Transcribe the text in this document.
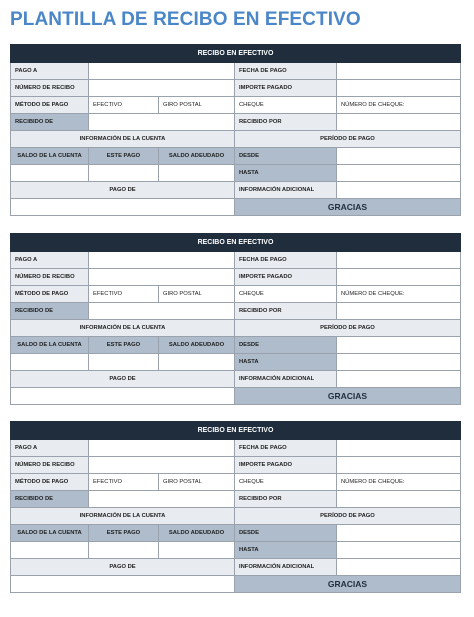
PLANTILLA DE RECIBO EN EFECTIVO
RECIBO EN EFECTIVO				
PAGO A			FECHA DE PAGO	
NÚMERO DE RECIBO			IMPORTE PAGADO	
MÉTODO DE PAGO	EFECTIVO	GIRO POSTAL	CHEQUE	NÚMERO DE CHEQUE:
RECIBIDO DE			RECIBIDO POR	
INFORMACIÓN DE LA CUENTA			PERÍODO DE PAGO	
SALDO DE LA CUENTA	ESTE PAGO	SALDO ADEUDADO	DESDE	
			HASTA	
PAGO DE			INFORMACIÓN ADICIONAL	
			GRACIAS	
RECIBO EN EFECTIVO				
PAGO A			FECHA DE PAGO	
NÚMERO DE RECIBO			IMPORTE PAGADO	
MÉTODO DE PAGO	EFECTIVO	GIRO POSTAL	CHEQUE	NÚMERO DE CHEQUE:
RECIBIDO DE			RECIBIDO POR	
INFORMACIÓN DE LA CUENTA			PERÍODO DE PAGO	
SALDO DE LA CUENTA	ESTE PAGO	SALDO ADEUDADO	DESDE	
			HASTA	
PAGO DE			INFORMACIÓN ADICIONAL	
			GRACIAS	
RECIBO EN EFECTIVO				
PAGO A			FECHA DE PAGO	
NÚMERO DE RECIBO			IMPORTE PAGADO	
MÉTODO DE PAGO	EFECTIVO	GIRO POSTAL	CHEQUE	NÚMERO DE CHEQUE:
RECIBIDO DE			RECIBIDO POR	
INFORMACIÓN DE LA CUENTA			PERÍODO DE PAGO	
SALDO DE LA CUENTA	ESTE PAGO	SALDO ADEUDADO	DESDE	
			HASTA	
PAGO DE			INFORMACIÓN ADICIONAL	
			GRACIAS	
